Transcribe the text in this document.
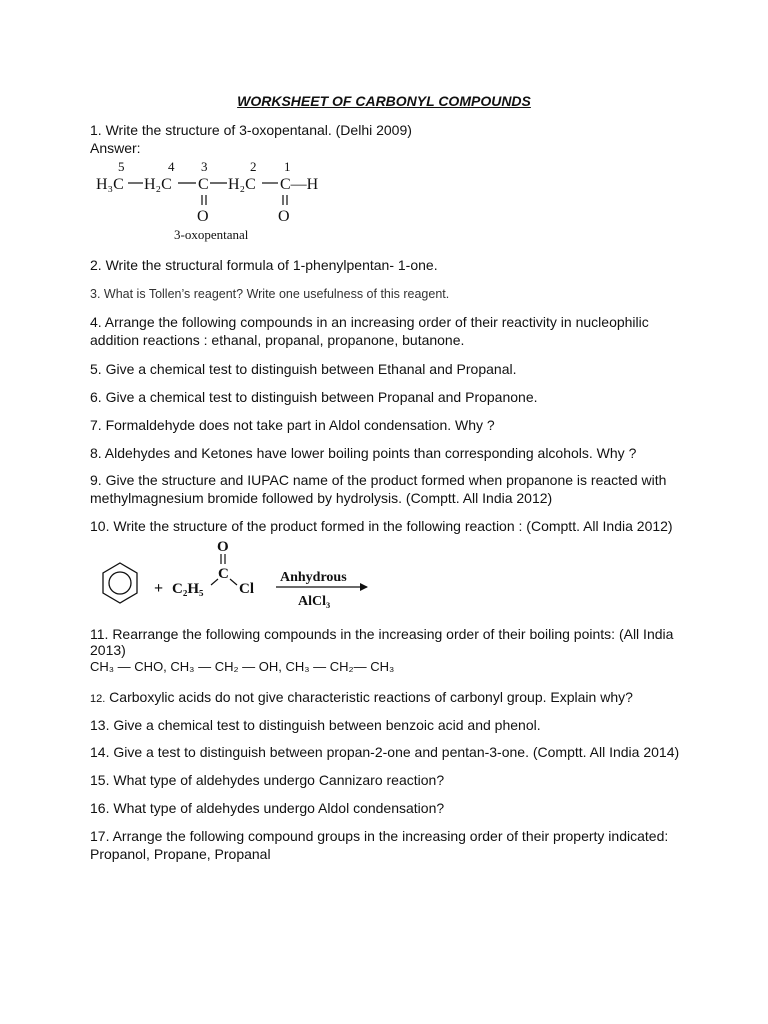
WORKSHEET OF CARBONYL COMPOUNDS
1. Write the structure of 3-oxopentanal. (Delhi 2009)
Answer:
5	4 3	2 1
H₃C H₂C C H₂C C—H
O	O
3-oxopentanal
2. Write the structural formula of 1-phenylpentan- 1-one.
3. What is Tollen’s reagent? Write one usefulness of this reagent.
4. Arrange the following compounds in an increasing order of their reactivity in nucleophilic addition reactions : ethanal, propanal, propanone, butanone.
5. Give a chemical test to distinguish between Ethanal and Propanal.
6. Give a chemical test to distinguish between Propanal and Propanone.
7. Formaldehyde does not take part in Aldol condensation. Why ?
8. Aldehydes and Ketones have lower boiling points than corresponding alcohols. Why ?
9. Give the structure and IUPAC name of the product formed when propanone is reacted with methylmagnesium bromide followed by hydrolysis. (Comptt. All India 2012)
10. Write the structure of the product formed in the following reaction : (Comptt. All India 2012)
+ C₂H₅
C
O
Cl
Anhydrous
AlCl₃
11. Rearrange the following compounds in the increasing order of their boiling points: (All India
2013)
CH₃ — CHO, CH₃ — CH₂ — OH, CH₃ — CH₂— CH₃
12. Carboxylic acids do not give characteristic reactions of carbonyl group. Explain why?
13. Give a chemical test to distinguish between benzoic acid and phenol.
14. Give a test to distinguish between propan-2-one and pentan-3-one. (Comptt. All India 2014)
15. What type of aldehydes undergo Cannizaro reaction?
16. What type of aldehydes undergo Aldol condensation?
17. Arrange the following compound groups in the increasing order of their property indicated:
Propanol, Propane, Propanal
